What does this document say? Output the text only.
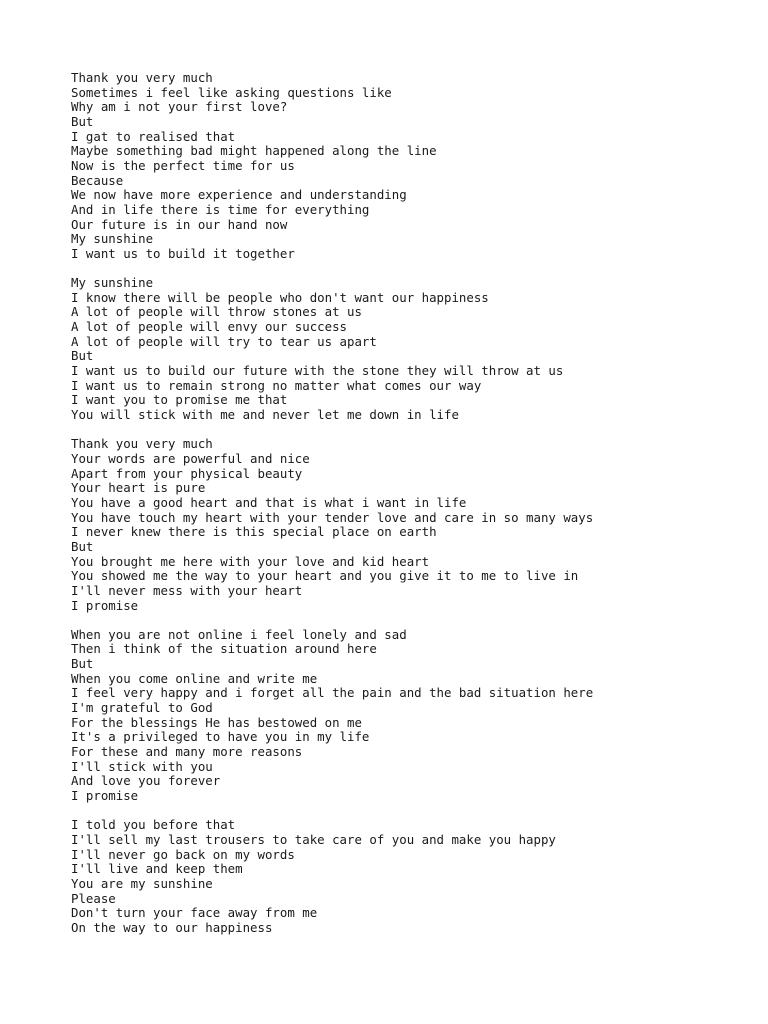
Thank you very much
Sometimes i feel like asking questions like
Why am i not your first love?
But
I gat to realised that
Maybe something bad might happened along the line
Now is the perfect time for us
Because
We now have more experience and understanding
And in life there is time for everything
Our future is in our hand now
My sunshine
I want us to build it together
My sunshine
I know there will be people who don't want our happiness
A lot of people will throw stones at us
A lot of people will envy our success
A lot of people will try to tear us apart
But
I want us to build our future with the stone they will throw at us
I want us to remain strong no matter what comes our way
I want you to promise me that
You will stick with me and never let me down in life
Thank you very much
Your words are powerful and nice
Apart from your physical beauty
Your heart is pure
You have a good heart and that is what i want in life
You have touch my heart with your tender love and care in so many ways
I never knew there is this special place on earth
But
You brought me here with your love and kid heart
You showed me the way to your heart and you give it to me to live in
I'll never mess with your heart
I promise
When you are not online i feel lonely and sad
Then i think of the situation around here
But
When you come online and write me
I feel very happy and i forget all the pain and the bad situation here
I'm grateful to God
For the blessings He has bestowed on me
It's a privileged to have you in my life
For these and many more reasons
I'll stick with you
And love you forever
I promise
I told you before that
I'll sell my last trousers to take care of you and make you happy
I'll never go back on my words
I'll live and keep them
You are my sunshine
Please
Don't turn your face away from me
On the way to our happiness
